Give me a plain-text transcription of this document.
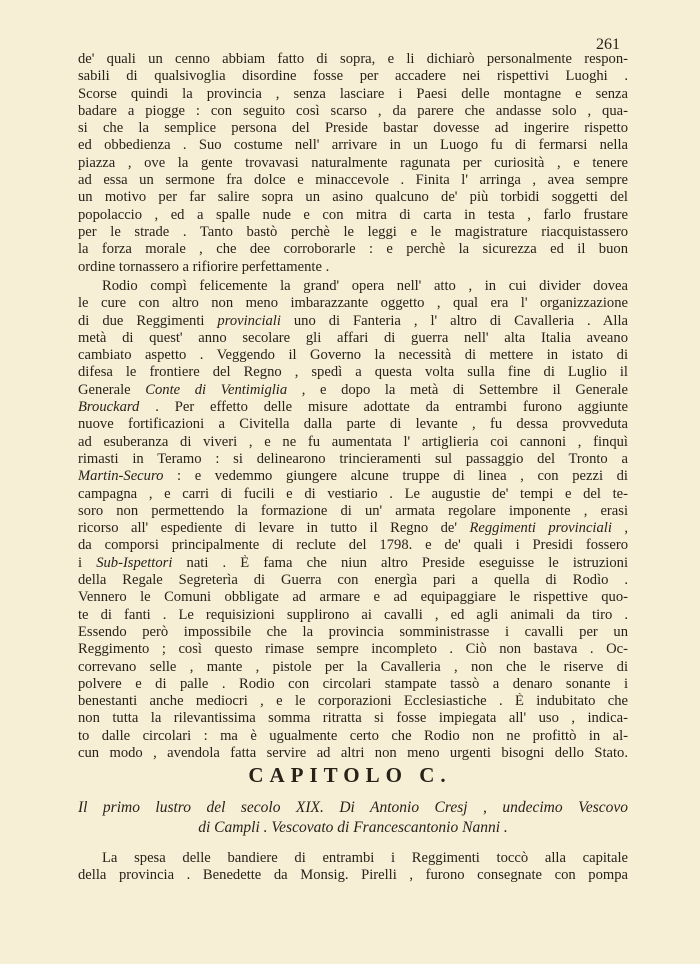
261
de' quali un cenno abbiam fatto di sopra, e li dichiarò personalmente respon-
sabili di qualsivoglia disordine fosse per accadere nei rispettivi Luoghi .
Scorse quindi la provincia , senza lasciare i Paesi delle montagne e senza
badare a piogge : con seguito così scarso , da parere che andasse solo , qua-
si che la semplice persona del Preside bastar dovesse ad ingerire rispetto
ed obbedienza . Suo costume nell' arrivare in un Luogo fu di fermarsi nella
piazza , ove la gente trovavasi naturalmente ragunata per curiosità , e tenere
ad essa un sermone fra dolce e minaccevole . Finita l' arringa , avea sempre
un motivo per far salire sopra un asino qualcuno de' più torbidi soggetti del
popolaccio , ed a spalle nude e con mitra di carta in testa , farlo frustare
per le strade . Tanto bastò perchè le leggi e le magistrature riacquistassero
la forza morale , che dee corroborarle : e perchè la sicurezza ed il buon
ordine tornassero a rifiorire perfettamente .
Rodio compì felicemente la grand' opera nell' atto , in cui divider dovea
le cure con altro non meno imbarazzante oggetto , qual era l' organizzazione
di due Reggimenti provinciali uno di Fanteria , l' altro di Cavalleria . Alla
metà di quest' anno secolare gli affari di guerra nell' alta Italia aveano
cambiato aspetto . Veggendo il Governo la necessità di mettere in istato di
difesa le frontiere del Regno , spedì a questa volta sulla fine di Luglio il
Generale Conte di Ventimiglia , e dopo la metà di Settembre il Generale
Brouckard . Per effetto delle misure adottate da entrambi furono aggiunte
nuove fortificazioni a Civitella dalla parte di levante , fu dessa provveduta
ad esuberanza di viveri , e ne fu aumentata l' artiglieria coi cannoni , finquì
rimasti in Teramo : si delinearono trincieramenti sul passaggio del Tronto a
Martin-Securo : e vedemmo giungere alcune truppe di linea , con pezzi di
campagna , e carri di fucili e di vestiario . Le augustie de' tempi e del te-
soro non permettendo la formazione di un' armata regolare imponente , erasi
ricorso all' espediente di levare in tutto il Regno de' Reggimenti provinciali ,
da comporsi principalmente di reclute del 1798. e de' quali i Presidi fossero
i Sub-Ispettori nati . È fama che niun altro Preside eseguisse le istruzioni
della Regale Segreterìa di Guerra con energìa pari a quella di Rodìo .
Vennero le Comuni obbligate ad armare e ad equipaggiare le rispettive quo-
te di fanti . Le requisizioni supplirono ai cavalli , ed agli animali da tiro .
Essendo però impossibile che la provincia somministrasse i cavalli per un
Reggimento ; così questo rimase sempre incompleto . Ciò non bastava . Oc-
correvano selle , mante , pistole per la Cavalleria , non che le riserve di
polvere e di palle . Rodio con circolari stampate tassò a denaro sonante i
benestanti anche mediocri , e le corporazioni Ecclesiastiche . È indubitato che
non tutta la rilevantissima somma ritratta si fosse impiegata all' uso , indica-
to dalle circolari : ma è ugualmente certo che Rodio non ne profittò in al-
cun modo , avendola fatta servire ad altri non meno urgenti bisogni dello Stato.
CAPITOLO C.
Il primo lustro del secolo XIX. Di Antonio Cresj , undecimo Vescovo
di Campli . Vescovato di Francescantonio Nanni .
La spesa delle bandiere di entrambi i Reggimenti toccò alla capitale
della provincia . Benedette da Monsig. Pirelli , furono consegnate con pompa
